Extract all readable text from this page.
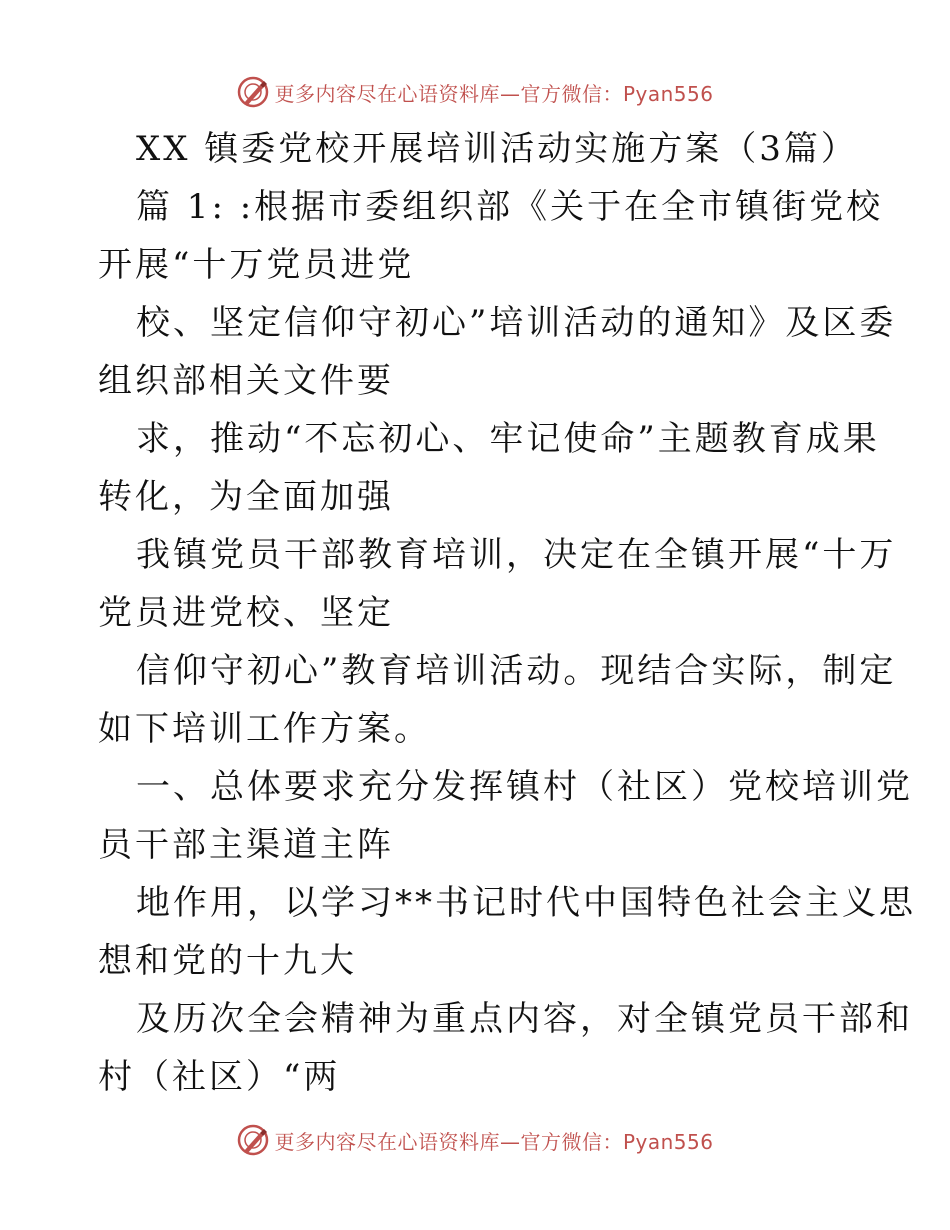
更多内容尽在心语资料库—官方微信：Pyan556

XX 镇委党校开展培训活动实施方案（3篇）

篇 1: :根据市委组织部《关于在全市镇街党校

开展“十万党员进党

校、坚定信仰守初心”培训活动的通知》及区委

组织部相关文件要

求，推动“不忘初心、牢记使命”主题教育成果

转化，为全面加强

我镇党员干部教育培训，决定在全镇开展“十万

党员进党校、坚定

信仰守初心”教育培训活动。现结合实际，制定

如下培训工作方案。

一、总体要求充分发挥镇村（社区）党校培训党

员干部主渠道主阵

地作用，以学习**书记时代中国特色社会主义思

想和党的十九大

及历次全会精神为重点内容，对全镇党员干部和

村（社区）“两

更多内容尽在心语资料库—官方微信：Pyan556
